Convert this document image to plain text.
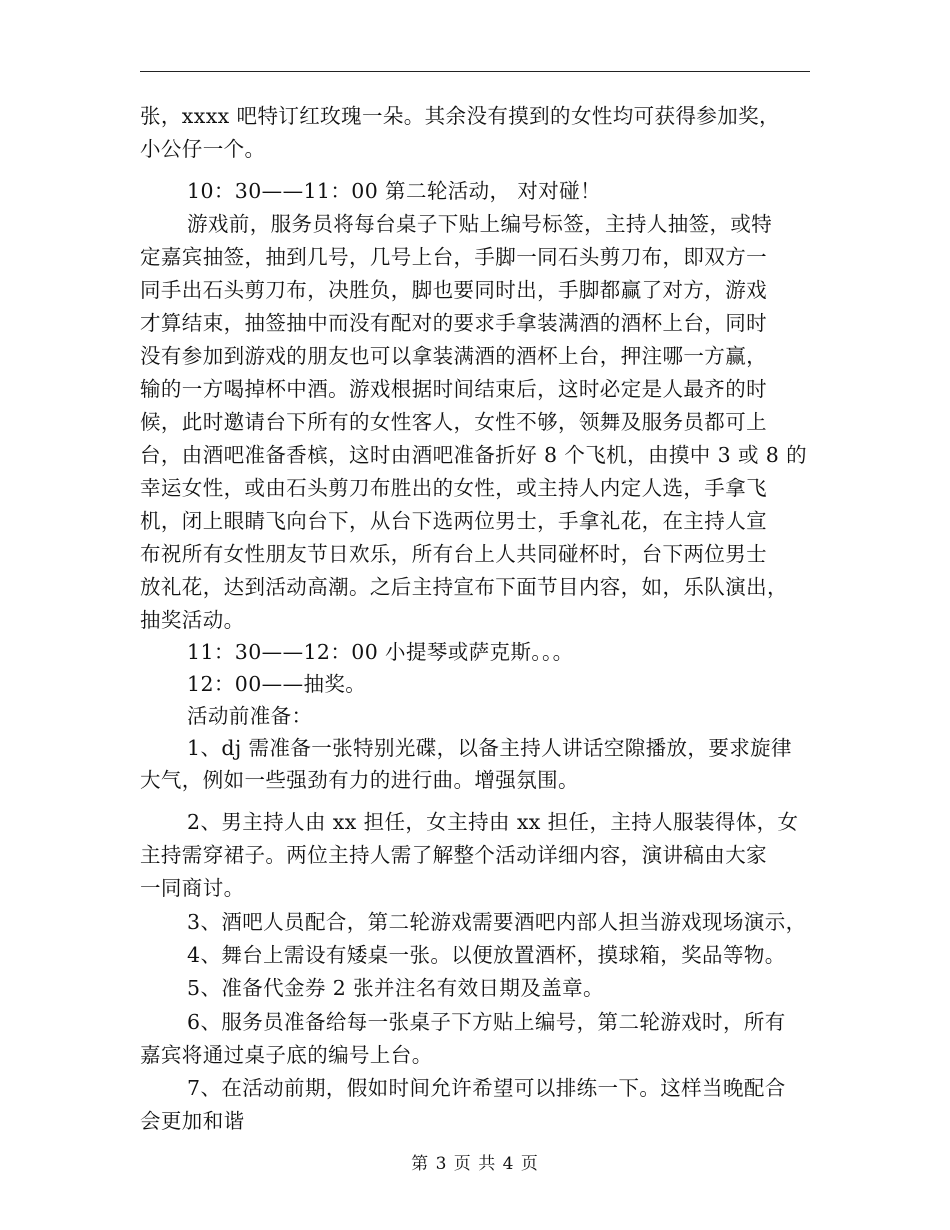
张，xxxx 吧特订红玫瑰一朵。其余没有摸到的女性均可获得参加奖，
小公仔一个。
10：30——11：00 第二轮活动， 对对碰！
游戏前，服务员将每台桌子下贴上编号标签，主持人抽签，或特
定嘉宾抽签，抽到几号，几号上台，手脚一同石头剪刀布，即双方一
同手出石头剪刀布，决胜负，脚也要同时出，手脚都赢了对方，游戏
才算结束，抽签抽中而没有配对的要求手拿装满酒的酒杯上台，同时
没有参加到游戏的朋友也可以拿装满酒的酒杯上台，押注哪一方赢，
输的一方喝掉杯中酒。游戏根据时间结束后，这时必定是人最齐的时
候，此时邀请台下所有的女性客人，女性不够，领舞及服务员都可上
台，由酒吧准备香槟，这时由酒吧准备折好 8 个飞机，由摸中 3 或 8 的
幸运女性，或由石头剪刀布胜出的女性，或主持人内定人选，手拿飞
机，闭上眼睛飞向台下，从台下选两位男士，手拿礼花，在主持人宣
布祝所有女性朋友节日欢乐，所有台上人共同碰杯时，台下两位男士
放礼花，达到活动高潮。之后主持宣布下面节目内容，如，乐队演出，
抽奖活动。
11：30——12：00 小提琴或萨克斯。。。
12：00——抽奖。
活动前准备：
1、dj 需准备一张特别光碟，以备主持人讲话空隙播放，要求旋律
大气，例如一些强劲有力的进行曲。增强氛围。
2、男主持人由 xx 担任，女主持由 xx 担任，主持人服装得体，女
主持需穿裙子。两位主持人需了解整个活动详细内容，演讲稿由大家
一同商讨。
3、酒吧人员配合，第二轮游戏需要酒吧内部人担当游戏现场演示，
4、舞台上需设有矮桌一张。以便放置酒杯，摸球箱，奖品等物。
5、准备代金券 2 张并注名有效日期及盖章。
6、服务员准备给每一张桌子下方贴上编号，第二轮游戏时，所有
嘉宾将通过桌子底的编号上台。
7、在活动前期，假如时间允许希望可以排练一下。这样当晚配合
会更加和谐
第 3 页 共 4 页
